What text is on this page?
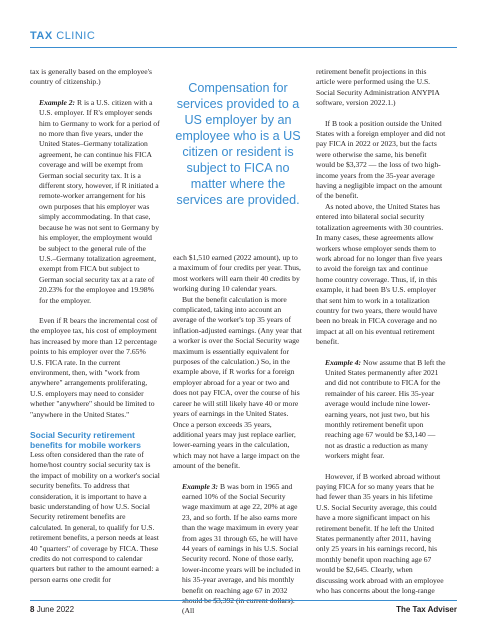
TAX CLINIC

tax is generally based on the employee's country of citizenship.)

Example 2: R is a U.S. citizen with a U.S. employer. If R's employer sends him to Germany to work for a period of no more than five years, under the United States–Germany totalization agreement, he can continue his FICA coverage and will be exempt from German social security tax. It is a different story, however, if R initiated a remote-worker arrangement for his own purposes that his employer was simply accommodating. In that case, because he was not sent to Germany by his employer, the employment would be subject to the general rule of the U.S.–Germany totalization agreement, exempt from FICA but subject to German social security tax at a rate of 20.23% for the employee and 19.98% for the employer.

Even if R bears the incremental cost of the employee tax, his cost of employment has increased by more than 12 percentage points to his employer over the 7.65% U.S. FICA rate. In the current environment, then, with "work from anywhere" arrangements proliferating, U.S. employers may need to consider whether "anywhere" should be limited to "anywhere in the United States."

Social Security retirement benefits for mobile workers

Less often considered than the rate of home/host country social security tax is the impact of mobility on a worker's social security benefits. To address that consideration, it is important to have a basic understanding of how U.S. Social Security retirement benefits are calculated. In general, to qualify for U.S. retirement benefits, a person needs at least 40 "quarters" of coverage by FICA. These credits do not correspond to calendar quarters but rather to the amount earned: a person earns one credit for

Compensation for services provided to a US employer by an employee who is a US citizen or resident is subject to FICA no matter where the services are provided.

each $1,510 earned (2022 amount), up to a maximum of four credits per year. Thus, most workers will earn their 40 credits by working during 10 calendar years.

But the benefit calculation is more complicated, taking into account an average of the worker's top 35 years of inflation-adjusted earnings. (Any year that a worker is over the Social Security wage maximum is essentially equivalent for purposes of the calculation.) So, in the example above, if R works for a foreign employer abroad for a year or two and does not pay FICA, over the course of his career he will still likely have 40 or more years of earnings in the United States. Once a person exceeds 35 years, additional years may just replace earlier, lower-earning years in the calculation, which may not have a large impact on the amount of the benefit.

Example 3: B was born in 1965 and earned 10% of the Social Security wage maximum at age 22, 20% at age 23, and so forth. If he also earns more than the wage maximum in every year from ages 31 through 65, he will have 44 years of earnings in his U.S. Social Security record. None of those early, lower-income years will be included in his 35-year average, and his monthly benefit on reaching age 67 in 2032 (All

retirement benefit projections in this article were performed using the U.S. Social Security Administration ANYPIA software, version 2022.1.)

If B took a position outside the United States with a foreign employer and did not pay FICA in 2022 or 2023, but the facts were otherwise the same, his benefit would be $3,372 — the loss of two high-income years from the 35-year average having a negligible impact on the amount of the benefit.

As noted above, the United States has entered into bilateral social security totalization agreements with 30 countries. In many cases, these agreements allow workers whose employer sends them to work abroad for no longer than five years to avoid the foreign tax and continue home country coverage. Thus, if, in this example, it had been B's U.S. employer that sent him to work in a totalization country for two years, there would have been no break in FICA coverage and no impact at all on his eventual retirement benefit.

Example 4: Now assume that B left the United States permanently after 2021 and did not contribute to FICA for the remainder of his career. His 35-year average would include nine lower-earning years, not just two, but his monthly retirement benefit upon reaching age 67 would be $3,140 — not as drastic a reduction as many workers might fear.

However, if B worked abroad without paying FICA for so many years that he had fewer than 35 years in his lifetime U.S. Social Security average, this could have a more significant impact on his retirement benefit. If he left the United States permanently after 2011, having only 25 years in his earnings record, his monthly benefit upon reaching age 67 would be $2,645. Clearly, when discussing work abroad with an employee who has concerns about the long-range

8 June 2022	The Tax Adviser
